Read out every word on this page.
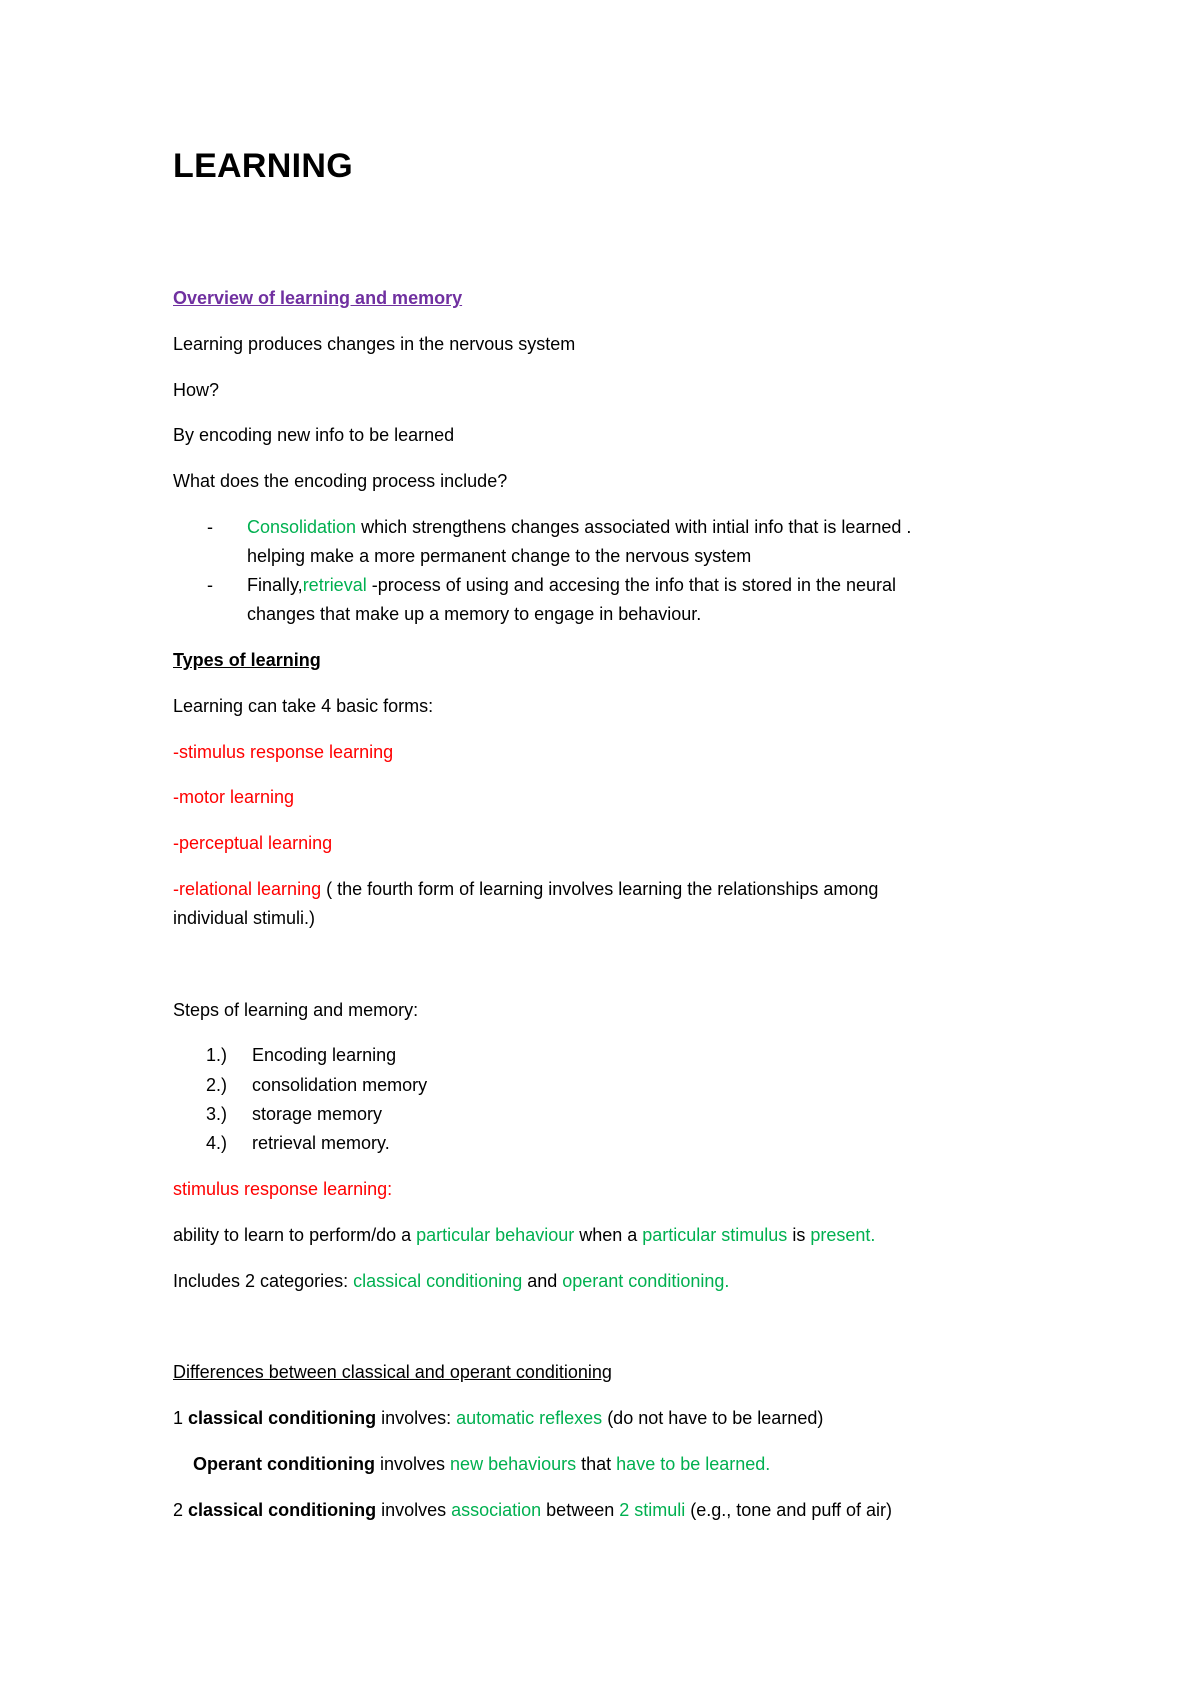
LEARNING
Overview of learning and memory
Learning produces changes in the nervous system
How?
By encoding new info to be learned
What does the encoding process include?
- Consolidation which strengthens changes associated with intial info that is learned .
helping make a more permanent change to the nervous system
- Finally,retrieval -process of using and accesing the info that is stored in the neural
changes that make up a memory to engage in behaviour.
Types of learning
Learning can take 4 basic forms:
-stimulus response learning
-motor learning
-perceptual learning
-relational learning ( the fourth form of learning involves learning the relationships among
individual stimuli.)
Steps of learning and memory:
1.) Encoding learning
2.) consolidation memory
3.) storage memory
4.) retrieval memory.
stimulus response learning:
ability to learn to perform/do a particular behaviour when a particular stimulus is present.
Includes 2 categories: classical conditioning and operant conditioning.
Differences between classical and operant conditioning
1 classical conditioning involves: automatic reflexes (do not have to be learned)
Operant conditioning involves new behaviours that have to be learned.
2 classical conditioning involves association between 2 stimuli (e.g., tone and puff of air)
